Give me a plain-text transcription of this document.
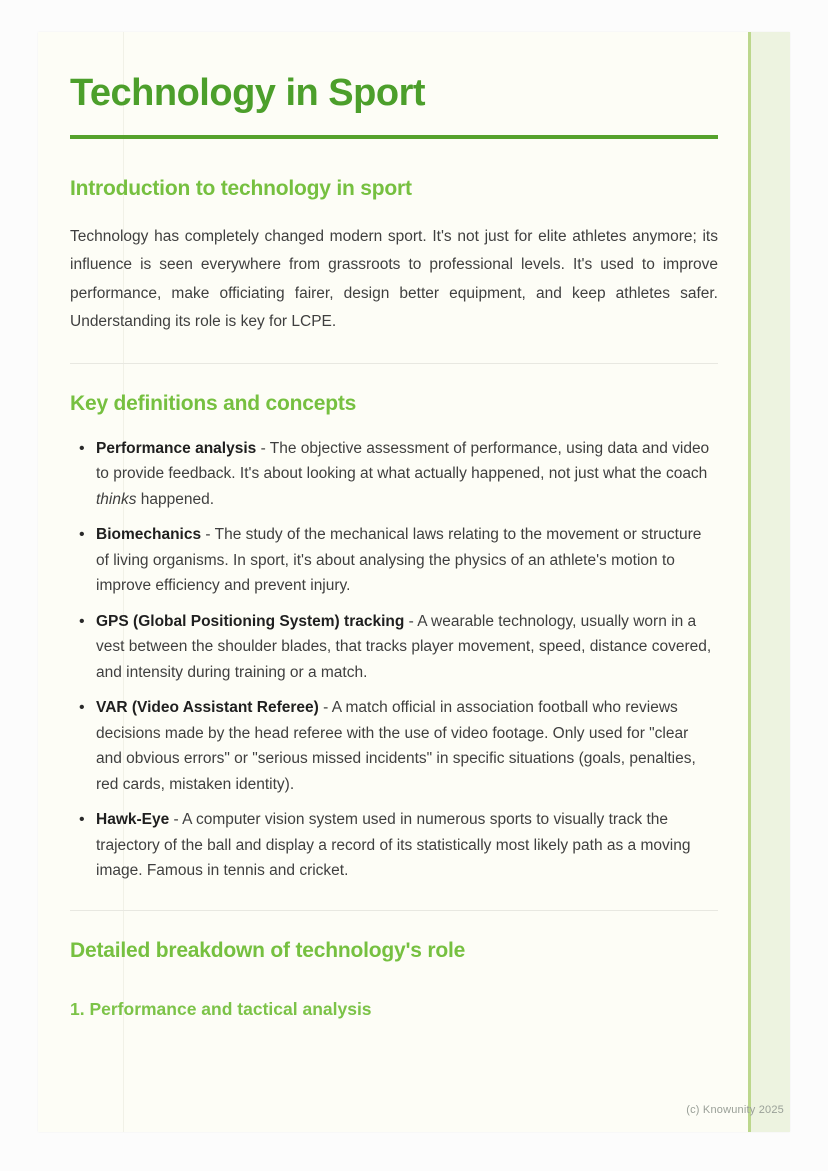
Technology in Sport
Introduction to technology in sport

Technology has completely changed modern sport. It's not just for elite athletes anymore; its influence is seen everywhere from grassroots to professional levels. It's used to improve performance, make officiating fairer, design better equipment, and keep athletes safer. Understanding its role is key for LCPE.

Key definitions and concepts
• Performance analysis - The objective assessment of performance, using data and video to provide feedback. It's about looking at what actually happened, not just what the coach thinks happened.
• Biomechanics - The study of the mechanical laws relating to the movement or structure of living organisms. In sport, it's about analysing the physics of an athlete's motion to improve efficiency and prevent injury.
• GPS (Global Positioning System) tracking - A wearable technology, usually worn in a vest between the shoulder blades, that tracks player movement, speed, distance covered, and intensity during training or a match.
• VAR (Video Assistant Referee) - A match official in association football who reviews decisions made by the head referee with the use of video footage. Only used for "clear and obvious errors" or "serious missed incidents" in specific situations (goals, penalties, red cards, mistaken identity).
• Hawk-Eye - A computer vision system used in numerous sports to visually track the trajectory of the ball and display a record of its statistically most likely path as a moving image. Famous in tennis and cricket.
Detailed breakdown of technology's role
1. Performance and tactical analysis
(c) Knowunity 2025
